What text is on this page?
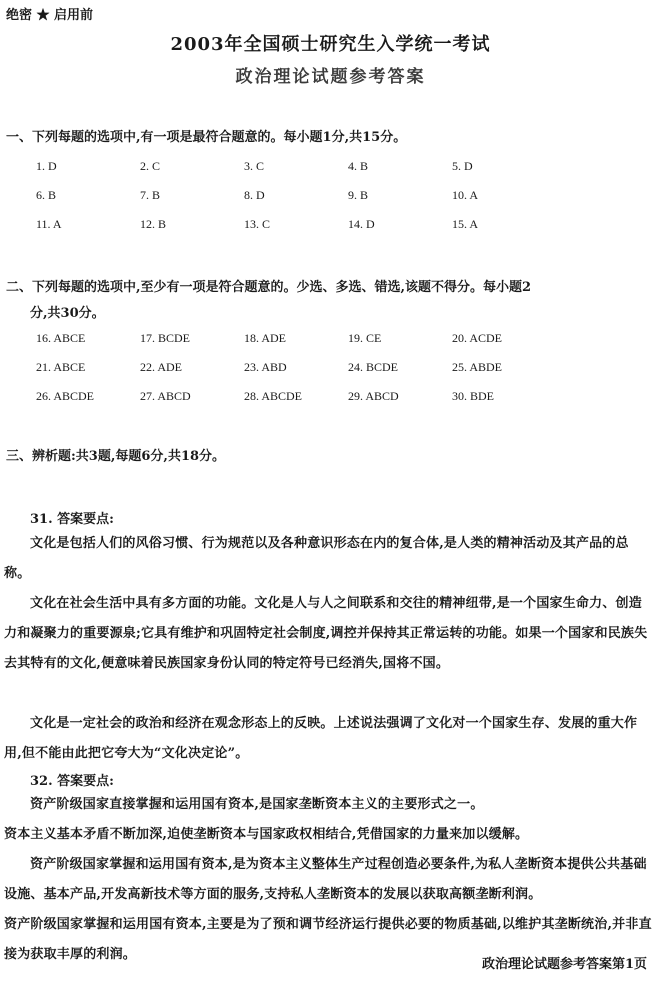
绝密 ★ 启用前
2003年全国硕士研究生入学统一考试
政治理论试题参考答案
一、下列每题的选项中,有一项是最符合题意的。每小题1分,共15分。
1. D	2. C	3. C	4. B	5. D
6. B	7. B	8. D	9. B	10. A
11. A	12. B	13. C	14. D	15. A
二、下列每题的选项中,至少有一项是符合题意的。少选、多选、错选,该题不得分。每小题2
分,共30分。
16. ABCE	17. BCDE	18. ADE	19. CE	20. ACDE
21. ABCE	22. ADE	23. ABD	24. BCDE	25. ABDE
26. ABCDE	27. ABCD	28. ABCDE	29. ABCD	30. BDE
三、辨析题:共3题,每题6分,共18分。
31. 答案要点:

文化是包括人们的风俗习惯、行为规范以及各种意识形态在内的复合体,是人类的精神活动及其产品的总称。

文化在社会生活中具有多方面的功能。文化是人与人之间联系和交往的精神纽带,是一个国家生命力、创造力和凝聚力的重要源泉;它具有维护和巩固特定社会制度,调控并保持其正常运转的功能。如果一个国家和民族失去其特有的文化,便意味着民族国家身份认同的特定符号已经消失,国将不国。

文化是一定社会的政治和经济在观念形态上的反映。上述说法强调了文化对一个国家生存、发展的重大作用,但不能由此把它夸大为“文化决定论”。

32. 答案要点:

资产阶级国家直接掌握和运用国有资本,是国家垄断资本主义的主要形式之一。

资本主义基本矛盾不断加深,迫使垄断资本与国家政权相结合,凭借国家的力量来加以缓解。

资产阶级国家掌握和运用国有资本,是为资本主义整体生产过程创造必要条件,为私人垄断资本提供公共基础设施、基本产品,开发高新技术等方面的服务,支持私人垄断资本的发展以获取高额垄断利润。

资产阶级国家掌握和运用国有资本,主要是为了预和调节经济运行提供必要的物质基础,以维护其垄断统治,并非直接为获取丰厚的利润。

政治理论试题参考答案第1页
